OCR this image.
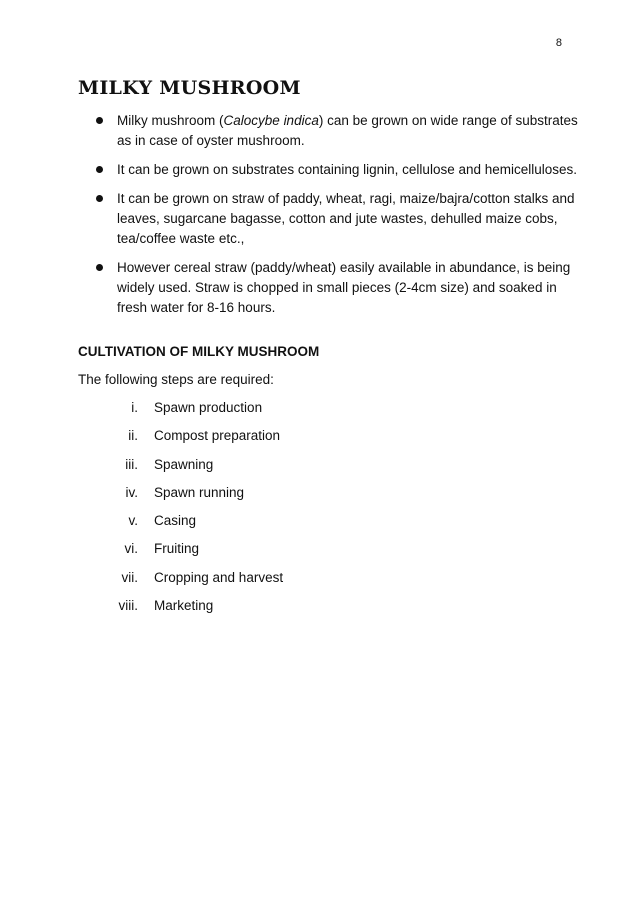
8
MILKY MUSHROOM
Milky mushroom (Calocybe indica) can be grown on wide range of substrates as in case of oyster mushroom.
It can be grown on substrates containing lignin, cellulose and hemicelluloses.
It can be grown on straw of paddy, wheat, ragi, maize/bajra/cotton stalks and leaves, sugarcane bagasse, cotton and jute wastes, dehulled maize cobs, tea/coffee waste etc.,
However cereal straw (paddy/wheat) easily available in abundance, is being widely used. Straw is chopped in small pieces (2-4cm size) and soaked in fresh water for 8-16 hours.
CULTIVATION OF MILKY MUSHROOM

The following steps are required:

i. Spawn production
ii. Compost preparation
iii. Spawning
iv. Spawn running
v. Casing
vi. Fruiting
vii. Cropping and harvest
viii. Marketing
